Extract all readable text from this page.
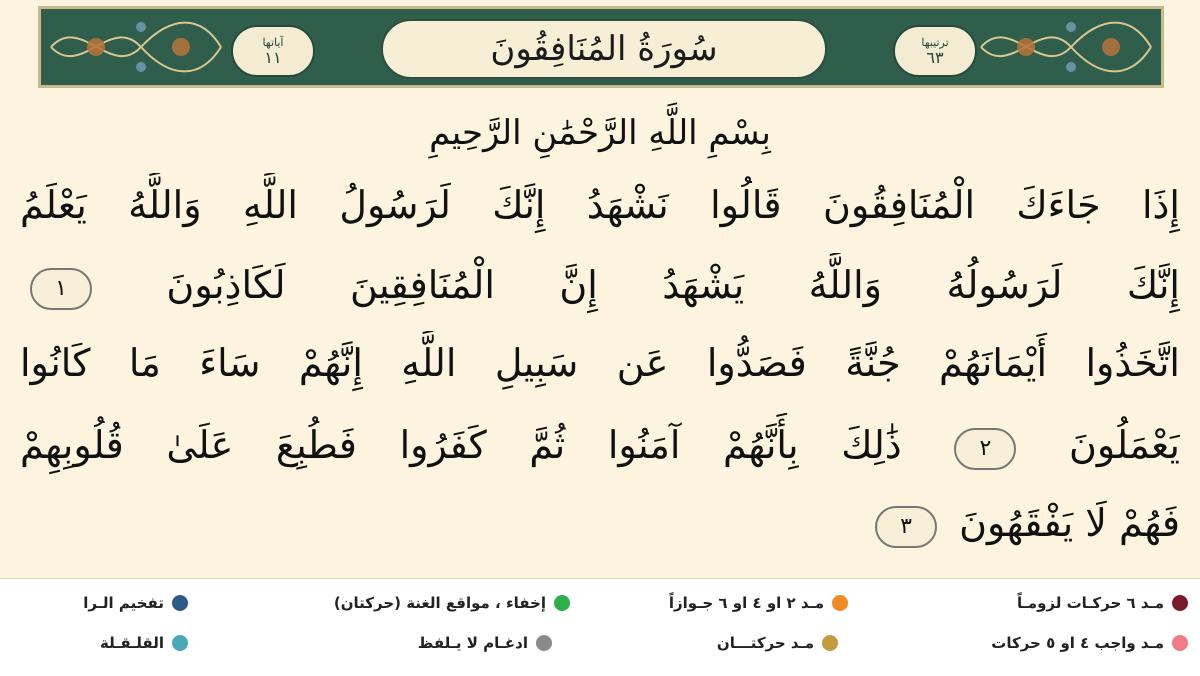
آياتها
١١	سُورَةُ المُنَافِقُونَ	ترتيبها
٦٣
بِسْمِ اللَّهِ الرَّحْمَٰنِ الرَّحِيمِ
إِذَا جَاءَكَ الْمُنَافِقُونَ قَالُوا نَشْهَدُ إِنَّكَ لَرَسُولُ اللَّهِ وَاللَّهُ يَعْلَمُ
إِنَّكَ لَرَسُولُهُ وَاللَّهُ يَشْهَدُ إِنَّ الْمُنَافِقِينَ لَكَاذِبُونَ ١
اتَّخَذُوا أَيْمَانَهُمْ جُنَّةً فَصَدُّوا عَن سَبِيلِ اللَّهِ إِنَّهُمْ سَاءَ مَا كَانُوا
يَعْمَلُونَ ٢ ذَٰلِكَ بِأَنَّهُمْ آمَنُوا ثُمَّ كَفَرُوا فَطُبِعَ عَلَىٰ قُلُوبِهِمْ
فَهُمْ لَا يَفْقَهُونَ ٣
مـد ٦ حركـات لزومـاً
مـد ٢ او ٤ او ٦ جـوازاً
إخفاء ، مواقع الغنة (حركتان)
تفخيم الـرا
مـد واجب ٤ او ٥ حركات
مـد حركتـــان
ادغـام لا يـلفظ
القلـقـلة
